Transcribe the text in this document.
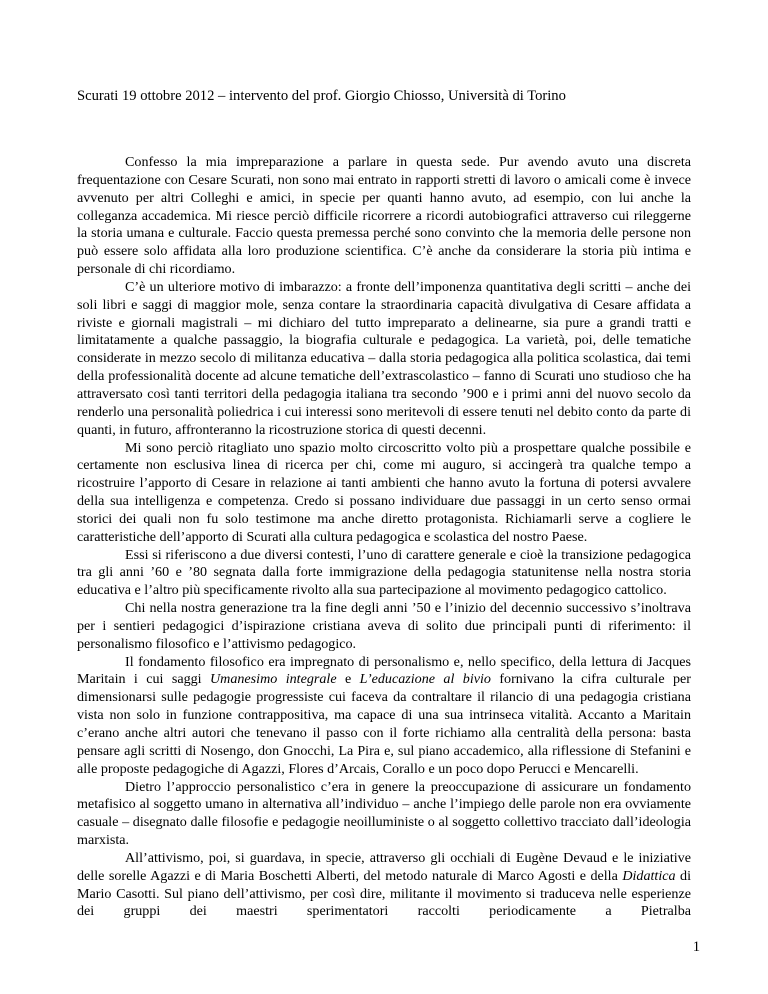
Scurati 19 ottobre 2012 – intervento del prof. Giorgio Chiosso, Università di Torino

Confesso la mia impreparazione a parlare in questa sede. Pur avendo avuto una discreta frequentazione con Cesare Scurati, non sono mai entrato in rapporti stretti di lavoro o amicali come è invece avvenuto per altri Colleghi e amici, in specie per quanti hanno avuto, ad esempio, con lui anche la colleganza accademica. Mi riesce perciò difficile ricorrere a ricordi autobiografici attraverso cui rileggerne la storia umana e culturale. Faccio questa premessa perché sono convinto che la memoria delle persone non può essere solo affidata alla loro produzione scientifica. C’è anche da considerare la storia più intima e personale di chi ricordiamo.

C’è un ulteriore motivo di imbarazzo: a fronte dell’imponenza quantitativa degli scritti – anche dei soli libri e saggi di maggior mole, senza contare la straordinaria capacità divulgativa di Cesare affidata a riviste e giornali magistrali – mi dichiaro del tutto impreparato a delinearne, sia pure a grandi tratti e limitatamente a qualche passaggio, la biografia culturale e pedagogica. La varietà, poi, delle tematiche considerate in mezzo secolo di militanza educativa – dalla storia pedagogica alla politica scolastica, dai temi della professionalità docente ad alcune tematiche dell’extrascolastico – fanno di Scurati uno studioso che ha attraversato così tanti territori della pedagogia italiana tra secondo ’900 e i primi anni del nuovo secolo da renderlo una personalità poliedrica i cui interessi sono meritevoli di essere tenuti nel debito conto da parte di quanti, in futuro, affronteranno la ricostruzione storica di questi decenni.

Mi sono perciò ritagliato uno spazio molto circoscritto volto più a prospettare qualche possibile e certamente non esclusiva linea di ricerca per chi, come mi auguro, si accingerà tra qualche tempo a ricostruire l’apporto di Cesare in relazione ai tanti ambienti che hanno avuto la fortuna di potersi avvalere della sua intelligenza e competenza. Credo si possano individuare due passaggi in un certo senso ormai storici dei quali non fu solo testimone ma anche diretto protagonista. Richiamarli serve a cogliere le caratteristiche dell’apporto di Scurati alla cultura pedagogica e scolastica del nostro Paese.

Essi si riferiscono a due diversi contesti, l’uno di carattere generale e cioè la transizione pedagogica tra gli anni ’60 e ’80 segnata dalla forte immigrazione della pedagogia statunitense nella nostra storia educativa e l’altro più specificamente rivolto alla sua partecipazione al movimento pedagogico cattolico.

Chi nella nostra generazione tra la fine degli anni ’50 e l’inizio del decennio successivo s’inoltrava per i sentieri pedagogici d’ispirazione cristiana aveva di solito due principali punti di riferimento: il personalismo filosofico e l’attivismo pedagogico.

Il fondamento filosofico era impregnato di personalismo e, nello specifico, della lettura di Jacques Maritain i cui saggi Umanesimo integrale e L’educazione al bivio fornivano la cifra culturale per dimensionarsi sulle pedagogie progressiste cui faceva da contraltare il rilancio di una pedagogia cristiana vista non solo in funzione contrappositiva, ma capace di una sua intrinseca vitalità. Accanto a Maritain c’erano anche altri autori che tenevano il passo con il forte richiamo alla centralità della persona: basta pensare agli scritti di Nosengo, don Gnocchi, La Pira e, sul piano accademico, alla riflessione di Stefanini e alle proposte pedagogiche di Agazzi, Flores d’Arcais, Corallo e un poco dopo Perucci e Mencarelli.

Dietro l’approccio personalistico c’era in genere la preoccupazione di assicurare un fondamento metafisico al soggetto umano in alternativa all’individuo – anche l’impiego delle parole non era ovviamente casuale – disegnato dalle filosofie e pedagogie neoilluministe o al soggetto collettivo tracciato dall’ideologia marxista.

All’attivismo, poi, si guardava, in specie, attraverso gli occhiali di Eugène Devaud e le iniziative delle sorelle Agazzi e di Maria Boschetti Alberti, del metodo naturale di Marco Agosti e della Didattica di Mario Casotti. Sul piano dell’attivismo, per così dire, militante il movimento si traduceva nelle esperienze dei gruppi dei maestri sperimentatori raccolti periodicamente a Pietralba

1
